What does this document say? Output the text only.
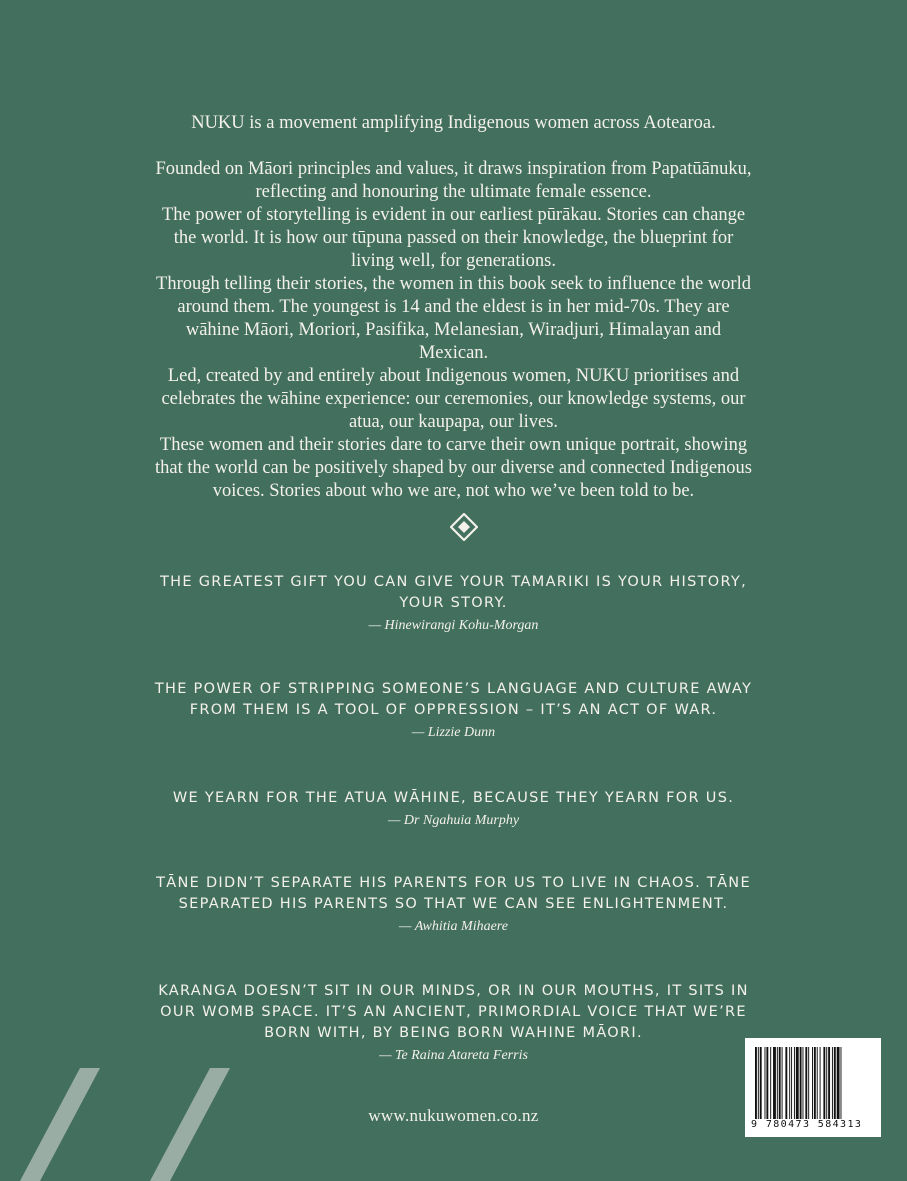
NUKU is a movement amplifying Indigenous women across Aotearoa.

Founded on Māori principles and values, it draws inspiration from Papatūānuku, reflecting and honouring the ultimate female essence.

The power of storytelling is evident in our earliest pūrākau. Stories can change the world. It is how our tūpuna passed on their knowledge, the blueprint for living well, for generations.

Through telling their stories, the women in this book seek to influence the world around them. The youngest is 14 and the eldest is in her mid-70s. They are wāhine Māori, Moriori, Pasifika, Melanesian, Wiradjuri, Himalayan and Mexican.

Led, created by and entirely about Indigenous women, NUKU prioritises and celebrates the wāhine experience: our ceremonies, our knowledge systems, our atua, our kaupapa, our lives.

These women and their stories dare to carve their own unique portrait, showing that the world can be positively shaped by our diverse and connected Indigenous voices. Stories about who we are, not who we’ve been told to be.

THE GREATEST GIFT YOU CAN GIVE YOUR TAMARIKI IS YOUR HISTORY,
YOUR STORY.
— Hinewirangi Kohu-Morgan
THE POWER OF STRIPPING SOMEONE’S LANGUAGE AND CULTURE AWAY
FROM THEM IS A TOOL OF OPPRESSION – IT’S AN ACT OF WAR.
— Lizzie Dunn
WE YEARN FOR THE ATUA WĀHINE, BECAUSE THEY YEARN FOR US.
— Dr Ngahuia Murphy
TĀNE DIDN’T SEPARATE HIS PARENTS FOR US TO LIVE IN CHAOS. TĀNE
SEPARATED HIS PARENTS SO THAT WE CAN SEE ENLIGHTENMENT.
— Awhitia Mihaere
KARANGA DOESN’T SIT IN OUR MINDS, OR IN OUR MOUTHS, IT SITS IN
OUR WOMB SPACE. IT’S AN ANCIENT, PRIMORDIAL VOICE THAT WE’RE
BORN WITH, BY BEING BORN WAHINE MĀORI.
— Te Raina Atareta Ferris
www.nukuwomen.co.nz	9 780473 584313
